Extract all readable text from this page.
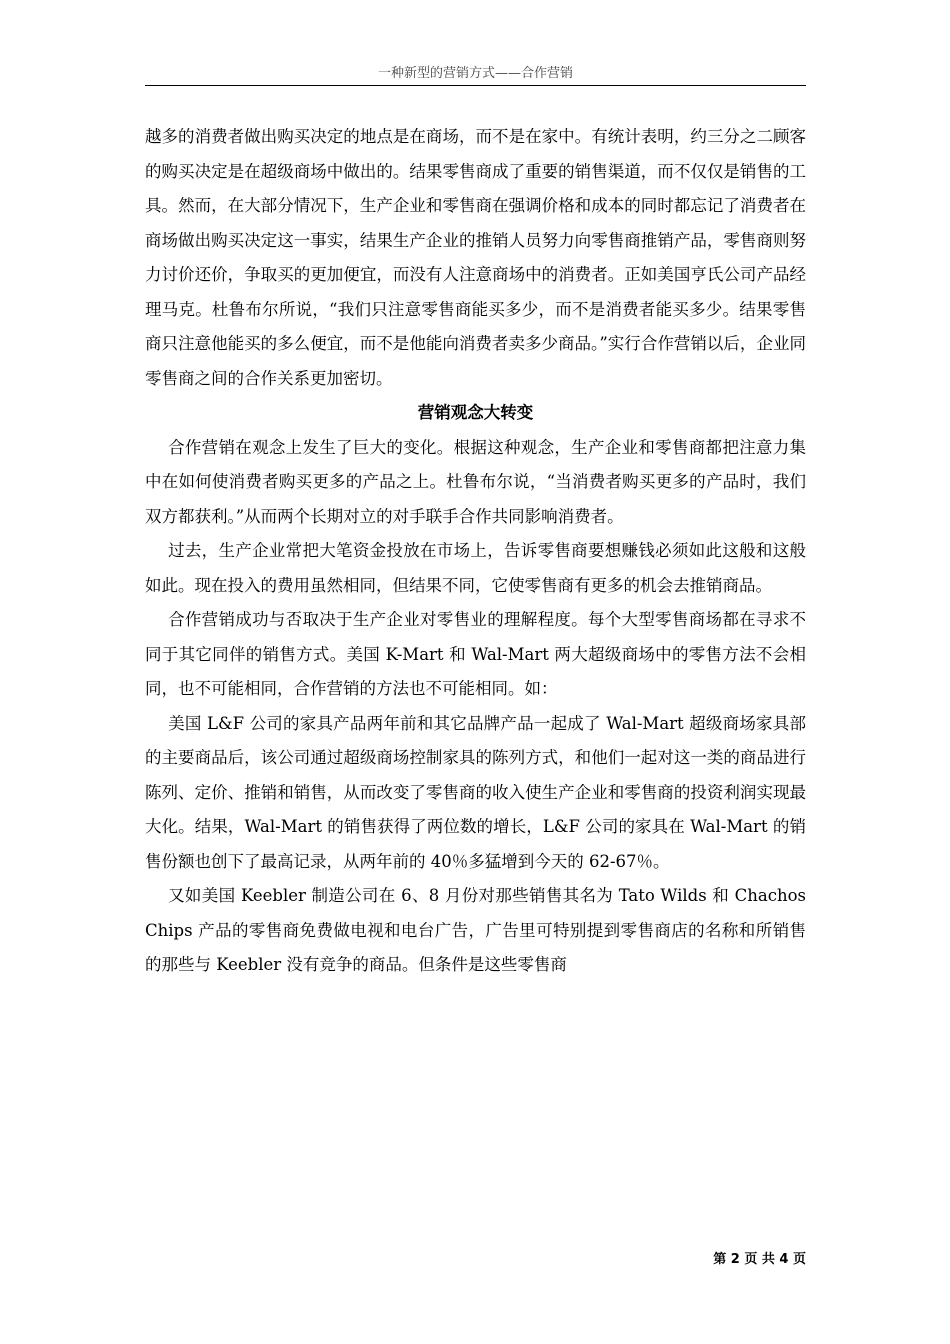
一种新型的营销方式——合作营销

越多的消费者做出购买决定的地点是在商场，而不是在家中。有统计表明，约三分之二顾客的购买决定是在超级商场中做出的。结果零售商成了重要的销售渠道，而不仅仅是销售的工具。然而，在大部分情况下，生产企业和零售商在强调价格和成本的同时都忘记了消费者在商场做出购买决定这一事实，结果生产企业的推销人员努力向零售商推销产品，零售商则努力讨价还价，争取买的更加便宜，而没有人注意商场中的消费者。正如美国亨氏公司产品经理马克。杜鲁布尔所说，“我们只注意零售商能买多少，而不是消费者能买多少。结果零售商只注意他能买的多么便宜，而不是他能向消费者卖多少商品。”实行合作营销以后，企业同零售商之间的合作关系更加密切。

营销观念大转变

合作营销在观念上发生了巨大的变化。根据这种观念，生产企业和零售商都把注意力集中在如何使消费者购买更多的产品之上。杜鲁布尔说，“当消费者购买更多的产品时，我们双方都获利。”从而两个长期对立的对手联手合作共同影响消费者。

过去，生产企业常把大笔资金投放在市场上，告诉零售商要想赚钱必须如此这般和这般如此。现在投入的费用虽然相同，但结果不同，它使零售商有更多的机会去推销商品。

合作营销成功与否取决于生产企业对零售业的理解程度。每个大型零售商场都在寻求不同于其它同伴的销售方式。美国 K-Mart 和 Wal-Mart 两大超级商场中的零售方法不会相同，也不可能相同，合作营销的方法也不可能相同。如：

美国 L&F 公司的家具产品两年前和其它品牌产品一起成了 Wal-Mart 超级商场家具部的主要商品后，该公司通过超级商场控制家具的陈列方式，和他们一起对这一类的商品进行陈列、定价、推销和销售，从而改变了零售商的收入使生产企业和零售商的投资利润实现最大化。结果，Wal-Mart 的销售获得了两位数的增长，L&F 公司的家具在 Wal-Mart 的销售份额也创下了最高记录，从两年前的 40％多猛增到今天的 62-67％。

又如美国 Keebler 制造公司在 6、8 月份对那些销售其名为 Tato Wilds 和 Chachos Chips 产品的零售商免费做电视和电台广告，广告里可特别提到零售商店的名称和所销售的那些与 Keebler 没有竞争的商品。但条件是这些零售商

第 2 页 共 4 页
